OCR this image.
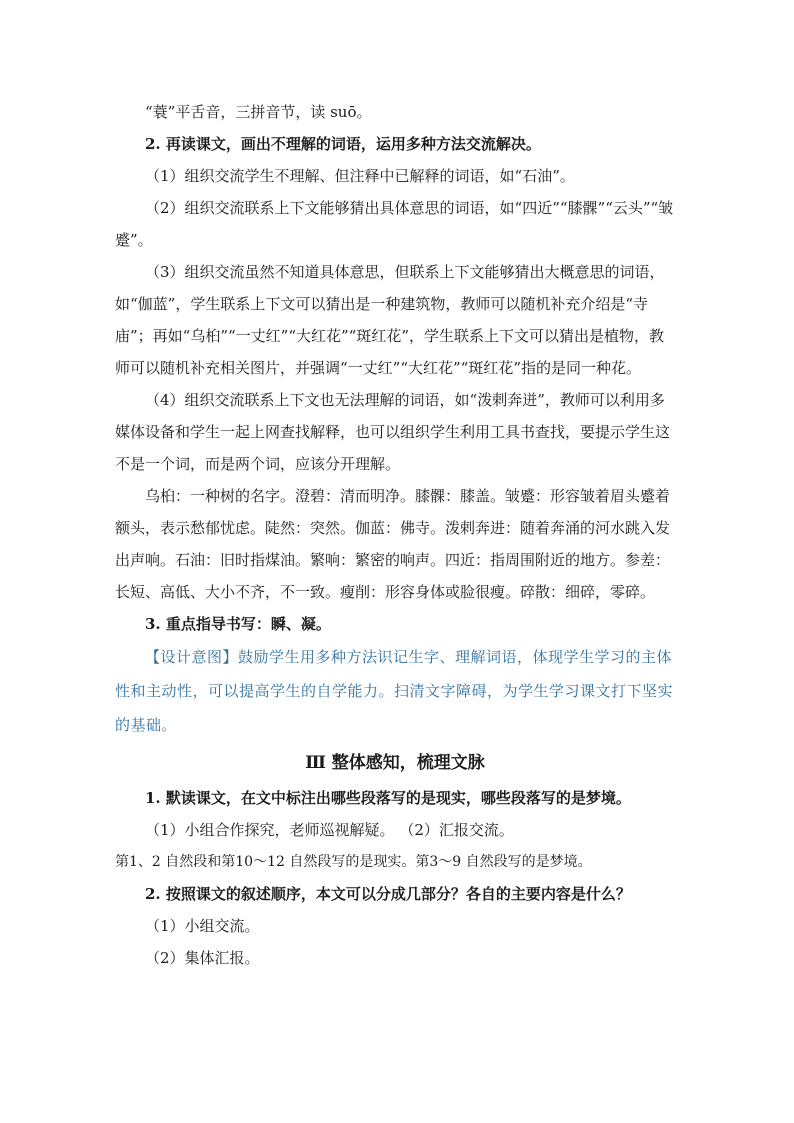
“蓑”平舌音，三拼音节，读 suō。

2. 再读课文，画出不理解的词语，运用多种方法交流解决。

（1）组织交流学生不理解、但注释中已解释的词语，如“石油”。

（2）组织交流联系上下文能够猜出具体意思的词语，如“四近”“膝髁”“云头”“皱蹙”。

（3）组织交流虽然不知道具体意思，但联系上下文能够猜出大概意思的词语，如“伽蓝”，学生联系上下文可以猜出是一种建筑物，教师可以随机补充介绍是“寺庙”；再如“乌桕”“一丈红”“大红花”“斑红花”，学生联系上下文可以猜出是植物，教师可以随机补充相关图片，并强调“一丈红”“大红花”“斑红花”指的是同一种花。

（4）组织交流联系上下文也无法理解的词语，如“泼剌奔迸”，教师可以利用多媒体设备和学生一起上网查找解释，也可以组织学生利用工具书查找，要提示学生这不是一个词，而是两个词，应该分开理解。

乌桕：一种树的名字。澄碧：清而明净。膝髁：膝盖。皱蹙：形容皱着眉头蹙着额头，表示愁郁忧虑。陡然：突然。伽蓝：佛寺。泼剌奔进：随着奔涌的河水跳入发出声响。石油：旧时指煤油。繁响：繁密的响声。四近：指周围附近的地方。参差：长短、高低、大小不齐，不一致。瘦削：形容身体或脸很瘦。碎散：细碎，零碎。

3. 重点指导书写：瞬、凝。

【设计意图】鼓励学生用多种方法识记生字、理解词语，体现学生学习的主体性和主动性，可以提高学生的自学能力。扫清文字障碍，为学生学习课文打下坚实的基础。

Ⅲ 整体感知，梳理文脉

1. 默读课文，在文中标注出哪些段落写的是现实，哪些段落写的是梦境。

（1）小组合作探究，老师巡视解疑。 （2）汇报交流。

第1、2 自然段和第10～12 自然段写的是现实。第3～9 自然段写的是梦境。

2. 按照课文的叙述顺序，本文可以分成几部分？各自的主要内容是什么？

（1）小组交流。

（2）集体汇报。
